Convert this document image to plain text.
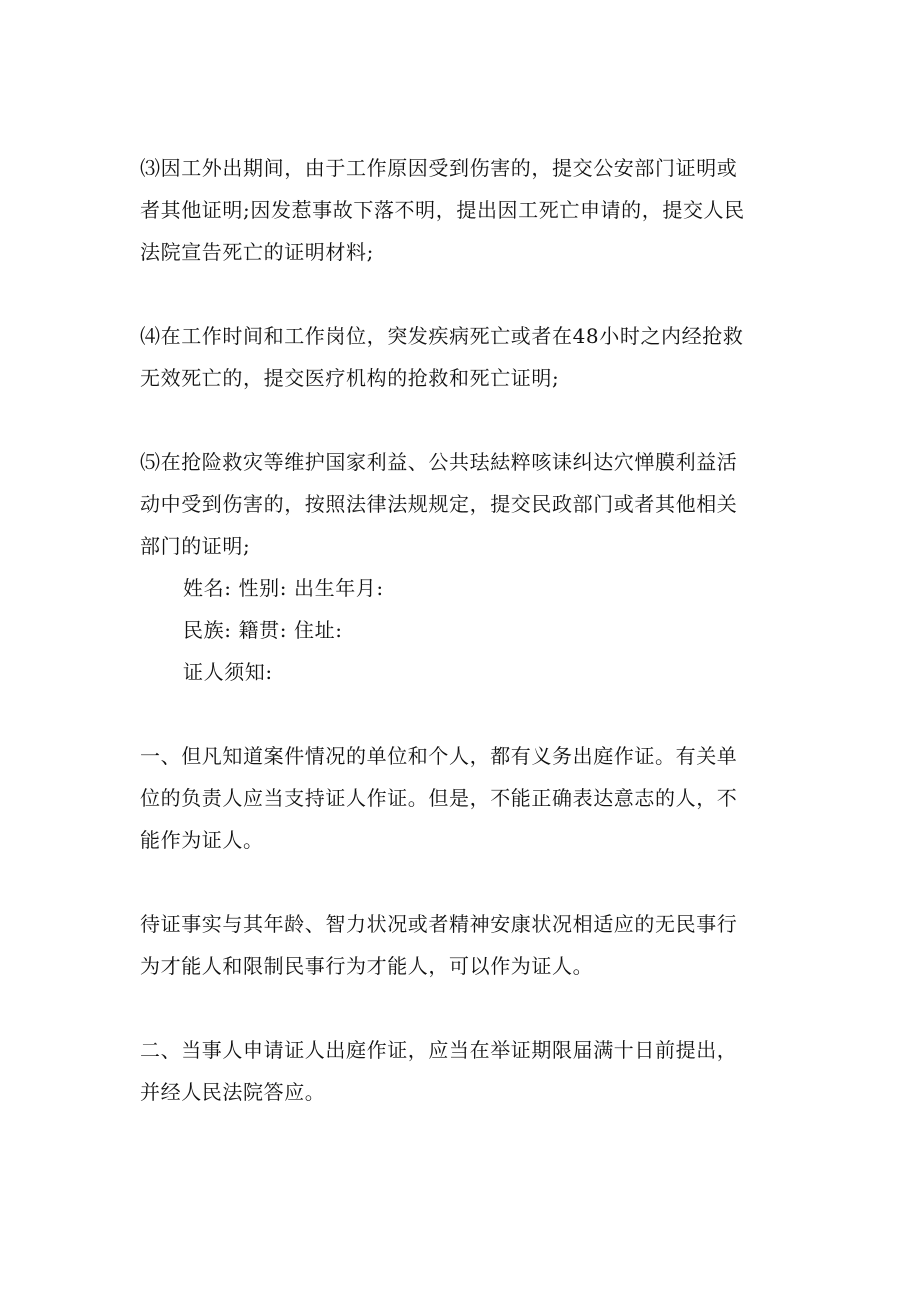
⑶因工外出期间，由于工作原因受到伤害的，提交公安部门证明或
者其他证明;因发惹事故下落不明，提出因工死亡申请的，提交人民
法院宣告死亡的证明材料;

⑷在工作时间和工作岗位，突发疾病死亡或者在48小时之内经抢救
无效死亡的，提交医疗机构的抢救和死亡证明;

⑸在抢险救灾等维护国家利益、公共珐紶粹咳诔纠达穴惮膜利益活
动中受到伤害的，按照法律法规规定，提交民政部门或者其他相关
部门的证明;

姓名: 性别: 出生年月:
民族: 籍贯: 住址:
证人须知:

一、但凡知道案件情况的单位和个人，都有义务出庭作证。有关单
位的负责人应当支持证人作证。但是，不能正确表达意志的人，不
能作为证人。

待证事实与其年龄、智力状况或者精神安康状况相适应的无民事行
为才能人和限制民事行为才能人，可以作为证人。

二、当事人申请证人出庭作证，应当在举证期限届满十日前提出，
并经人民法院答应。
